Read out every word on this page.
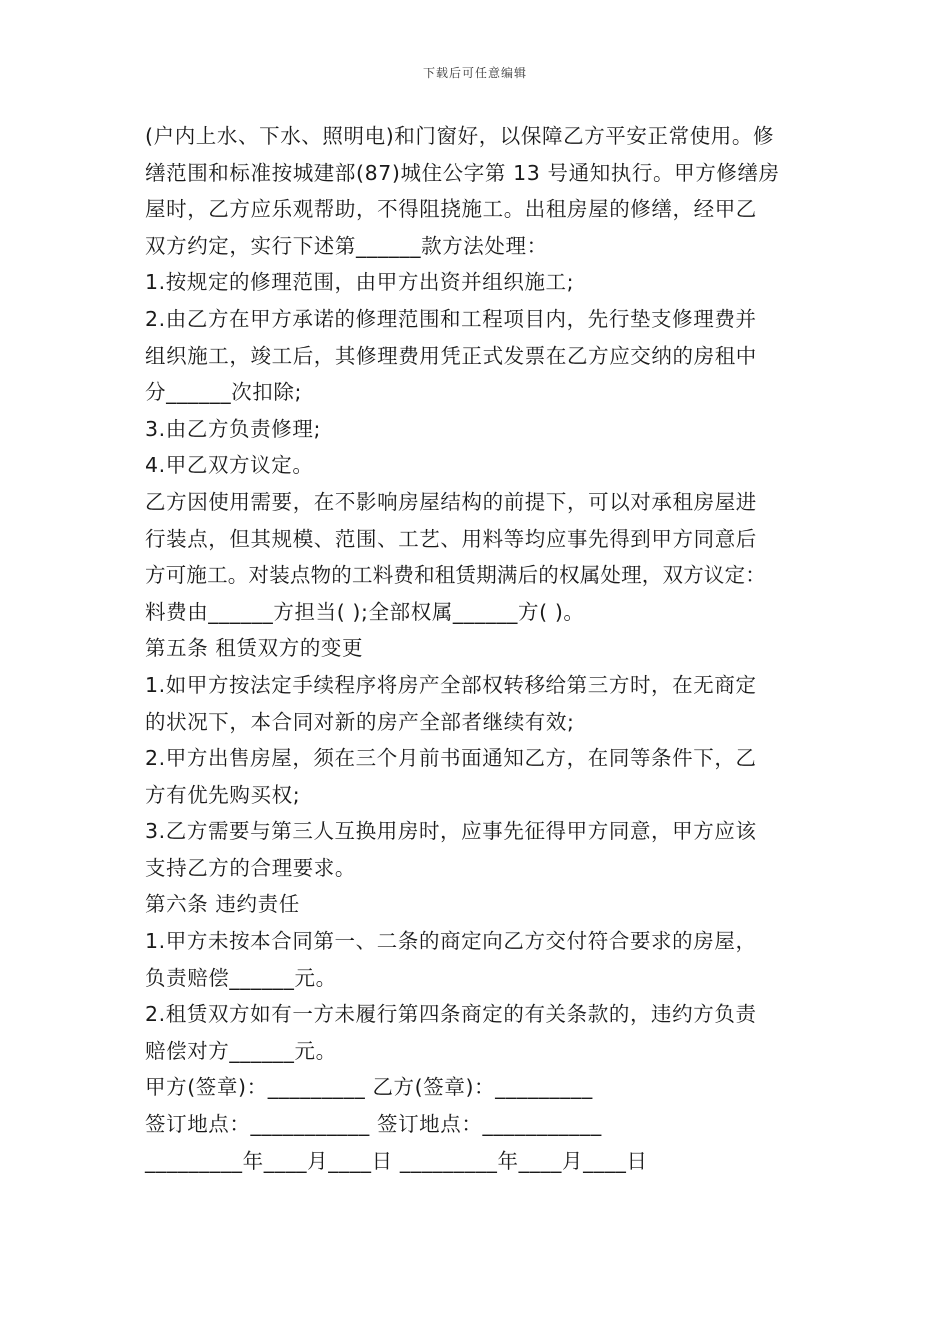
下载后可任意编辑
(户内上水、下水、照明电)和门窗好，以保障乙方平安正常使用。修
缮范围和标准按城建部(87)城住公字第 13 号通知执行。甲方修缮房
屋时，乙方应乐观帮助，不得阻挠施工。出租房屋的修缮，经甲乙
双方约定，实行下述第______款方法处理：
1.按规定的修理范围，由甲方出资并组织施工;
2.由乙方在甲方承诺的修理范围和工程项目内，先行垫支修理费并
组织施工，竣工后，其修理费用凭正式发票在乙方应交纳的房租中
分______次扣除;
3.由乙方负责修理;
4.甲乙双方议定。
乙方因使用需要，在不影响房屋结构的前提下，可以对承租房屋进
行装点，但其规模、范围、工艺、用料等均应事先得到甲方同意后
方可施工。对装点物的工料费和租赁期满后的权属处理，双方议定：
料费由______方担当( );全部权属______方( )。
第五条 租赁双方的变更
1.如甲方按法定手续程序将房产全部权转移给第三方时，在无商定
的状况下，本合同对新的房产全部者继续有效;
2.甲方出售房屋，须在三个月前书面通知乙方，在同等条件下，乙
方有优先购买权;
3.乙方需要与第三人互换用房时，应事先征得甲方同意，甲方应该
支持乙方的合理要求。
第六条 违约责任
1.甲方未按本合同第一、二条的商定向乙方交付符合要求的房屋，
负责赔偿______元。
2.租赁双方如有一方未履行第四条商定的有关条款的，违约方负责
赔偿对方______元。
甲方(签章)：_________ 乙方(签章)：_________
签订地点：___________ 签订地点：___________
_________年____月____日 _________年____月____日
